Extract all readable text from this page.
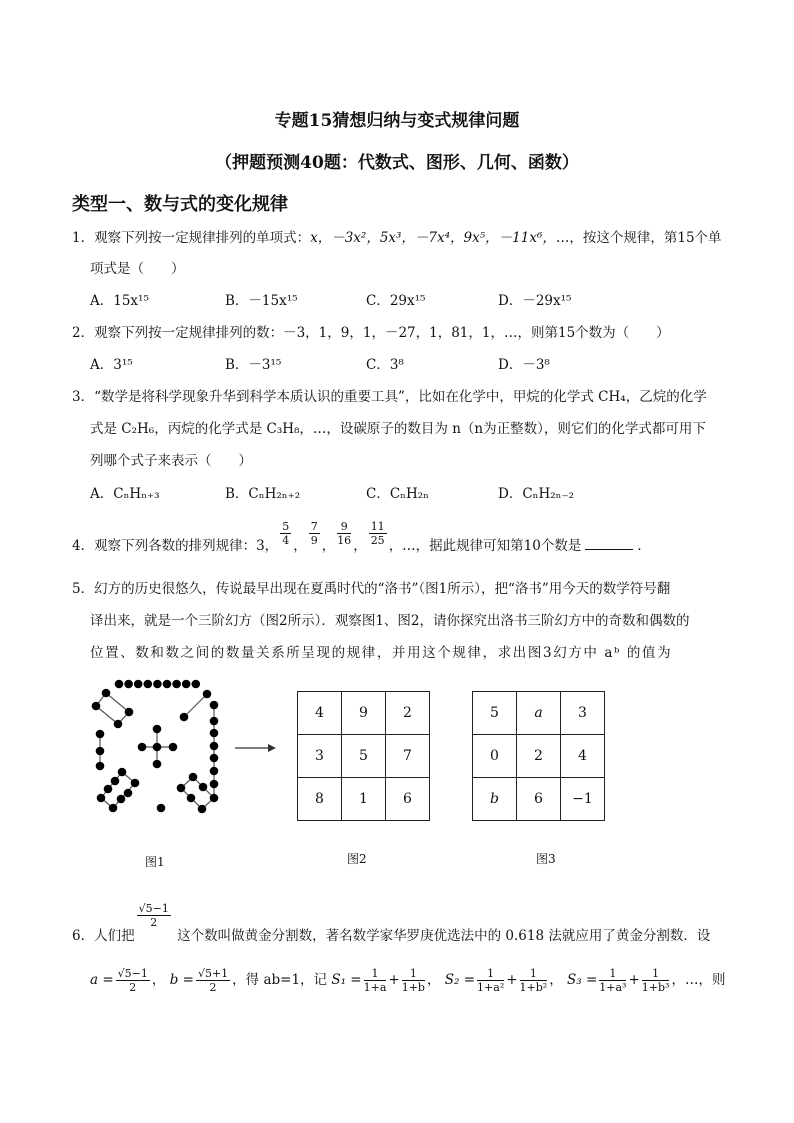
专题15猜想归纳与变式规律问题
（押题预测40题：代数式、图形、几何、函数）
类型一、数与式的变化规律
1．观察下列按一定规律排列的单项式：x，－3x²，5x³，－7x⁴，9x⁵，－11x⁶，…，按这个规律，第15个单
项式是（　　）
A．15x¹⁵	B．－15x¹⁵	C．29x¹⁵	D．－29x¹⁵
2．观察下列按一定规律排列的数：－3，1，9，1，－27，1，81，1，…，则第15个数为（　　）
A．3¹⁵	B．－3¹⁵	C．3⁸	D．－3⁸
3．“数学是将科学现象升华到科学本质认识的重要工具”，比如在化学中，甲烷的化学式 CH₄，乙烷的化学
式是 C₂H₆，丙烷的化学式是 C₃H₈，…，设碳原子的数目为 n（n为正整数），则它们的化学式都可用下
列哪个式子来表示（　　）
A．CₙHₙ₊₃	B．CₙH₂ₙ₊₂	C．CₙH₂ₙ	D．CₙH₂ₙ₋₂
4．观察下列各数的排列规律：3， $\frac{5}{4}$ ， $\frac{7}{9}$ ， $\frac{9}{16}$ ， $\frac{11}{25}$ ，…，据此规律可知第10个数是	．
5．幻方的历史很悠久，传说最早出现在夏禹时代的“洛书”（图1所示），把“洛书”用今天的数学符号翻
译出来，就是一个三阶幻方（图2所示）．观察图1、图2，请你探究出洛书三阶幻方中的奇数和偶数的
位置、数和数之间的数量关系所呈现的规律，并用这个规律，求出图3幻方中 aᵇ 的值为
4	9	2
3	5	7
8	1	6
5	a	3
0	2	4
b	6	−1
图1	图2	图3
6．人们把
$\frac{√5-1}{2}$
这个数叫做黄金分割数，著名数学家华罗庚优选法中的 0.618 法就应用了黄金分割数．设
$a = \frac{√5-1}{2}$ ， $b = \frac{√5+1}{2}$ ，得 ab=1，记 $S_1 = \frac{1}{1+a} + \frac{1}{1+b}$ ， $S_2 = \frac{1}{\text{1+a²}} + \frac{1}{\text{1+b²}}$ ， $S_3 = \frac{1}{\text{1+a³}} + \frac{1}{\text{1+b³}}$ ，…，则
